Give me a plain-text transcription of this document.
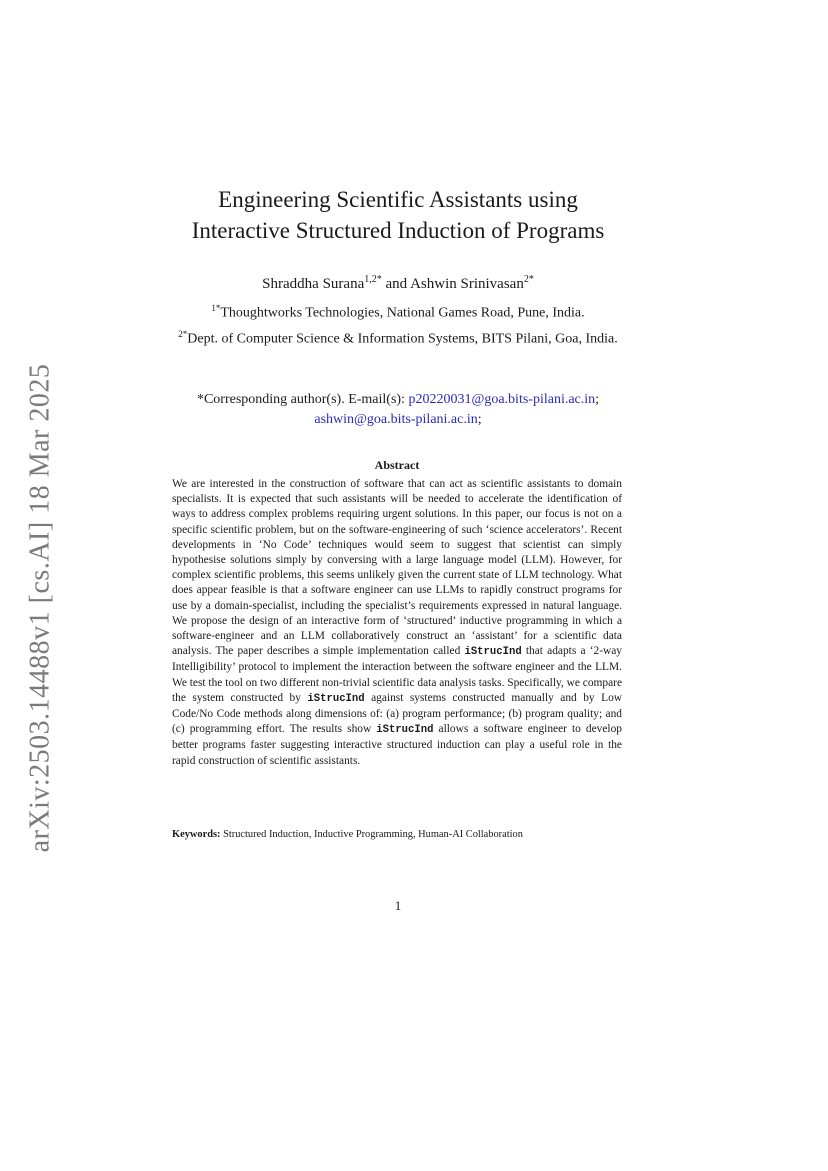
arXiv:2503.14488v1 [cs.AI] 18 Mar 2025
Engineering Scientific Assistants using
Interactive Structured Induction of Programs
Shraddha Surana$^{1,2*}$ and Ashwin Srinivasan$^{2*}$
$^{1*}$Thoughtworks Technologies, National Games Road, Pune, India.
$^{2*}$Dept. of Computer Science & Information Systems, BITS Pilani, Goa, India.
*Corresponding author(s). E-mail(s): p20220031@goa.bits-pilani.ac.in;
ashwin@goa.bits-pilani.ac.in;
Abstract
We are interested in the construction of software that can act as scientific assistants to domain specialists. It is expected that such assistants will be needed to accelerate the identification of ways to address complex problems requiring urgent solutions. In this paper, our focus is not on a specific scientific problem, but on the software-engineering of such ‘science accelerators’. Recent developments in ‘No Code’ techniques would seem to suggest that scientist can simply hypothesise solutions simply by conversing with a large language model (LLM). However, for complex scientific problems, this seems unlikely given the current state of LLM technology. What does appear feasible is that a software engineer can use LLMs to rapidly construct programs for use by a domain-specialist, including the specialist’s requirements expressed in natural language. We propose the design of an interactive form of ‘structured’ inductive programming in which a software-engineer and an LLM collaboratively construct an ‘assistant’ for a scientific data analysis. The paper describes a simple implementation called iStrucInd that adapts a ‘2-way Intelligibility’ protocol to implement the interaction between the software engineer and the LLM. We test the tool on two different non-trivial scientific data analysis tasks. Specifically, we compare the system constructed by iStrucInd against systems constructed manually and by Low Code/No Code methods along dimensions of: (a) program performance; (b) program quality; and (c) programming effort. The results show iStrucInd allows a software engineer to develop better programs faster suggesting interactive structured induction can play a useful role in the rapid construction of scientific assistants.
Keywords: Structured Induction, Inductive Programming, Human-AI Collaboration
1
